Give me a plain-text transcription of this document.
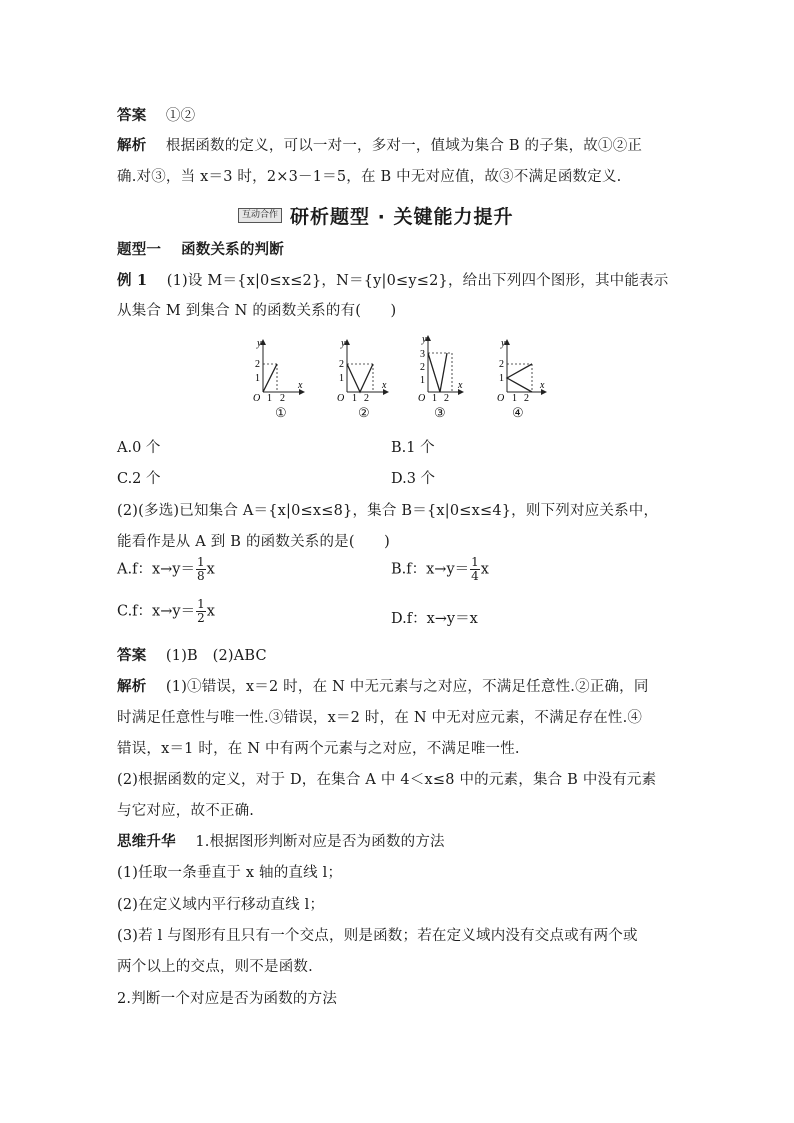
答案　 ①②
解析　 根据函数的定义，可以一对一，多对一，值域为集合 B 的子集，故①②正
确.对③，当 x＝3 时，2×3－1＝5，在 B 中无对应值，故③不满足函数定义.
互动合作 研析题型 · 关键能力提升
题型一　 函数关系的判断
例 1　 (1)设 M＝{x|0≤x≤2}，N＝{y|0≤y≤2}，给出下列四个图形，其中能表示
从集合 M 到集合 N 的函数关系的有(　　)
y
x
O 1 2
1
2
y
x
O 1 2
1
2
y
x
O 1 2
1
2
3
y
x
O 1 2
1
2
①	②	③	④
A.0 个	B.1 个
C.2 个	D.3 个
(2)(多选)已知集合 A＝{x|0≤x≤8}，集合 B＝{x|0≤x≤4}，则下列对应关系中，
能看作是从 A 到 B 的函数关系的是(　　)
A.f：$x\to y= \frac{1}{8}$ x	B.f：$x\to y= \frac{1}{4}$ x
C.f：$x\to y= \frac{1}{2}$ x	D.f：x→y＝x
答案　 (1)B　(2)ABC
解析　 (1)①错误，x＝2 时，在 N 中无元素与之对应，不满足任意性.②正确，同
时满足任意性与唯一性.③错误，x＝2 时，在 N 中无对应元素，不满足存在性.④
错误，x＝1 时，在 N 中有两个元素与之对应，不满足唯一性.
(2)根据函数的定义，对于 D，在集合 A 中 4＜x≤8 中的元素，集合 B 中没有元素
与它对应，故不正确.
思维升华　 1.根据图形判断对应是否为函数的方法
(1)任取一条垂直于 x 轴的直线 l；
(2)在定义域内平行移动直线 l；
(3)若 l 与图形有且只有一个交点，则是函数；若在定义域内没有交点或有两个或
两个以上的交点，则不是函数.
2.判断一个对应是否为函数的方法
